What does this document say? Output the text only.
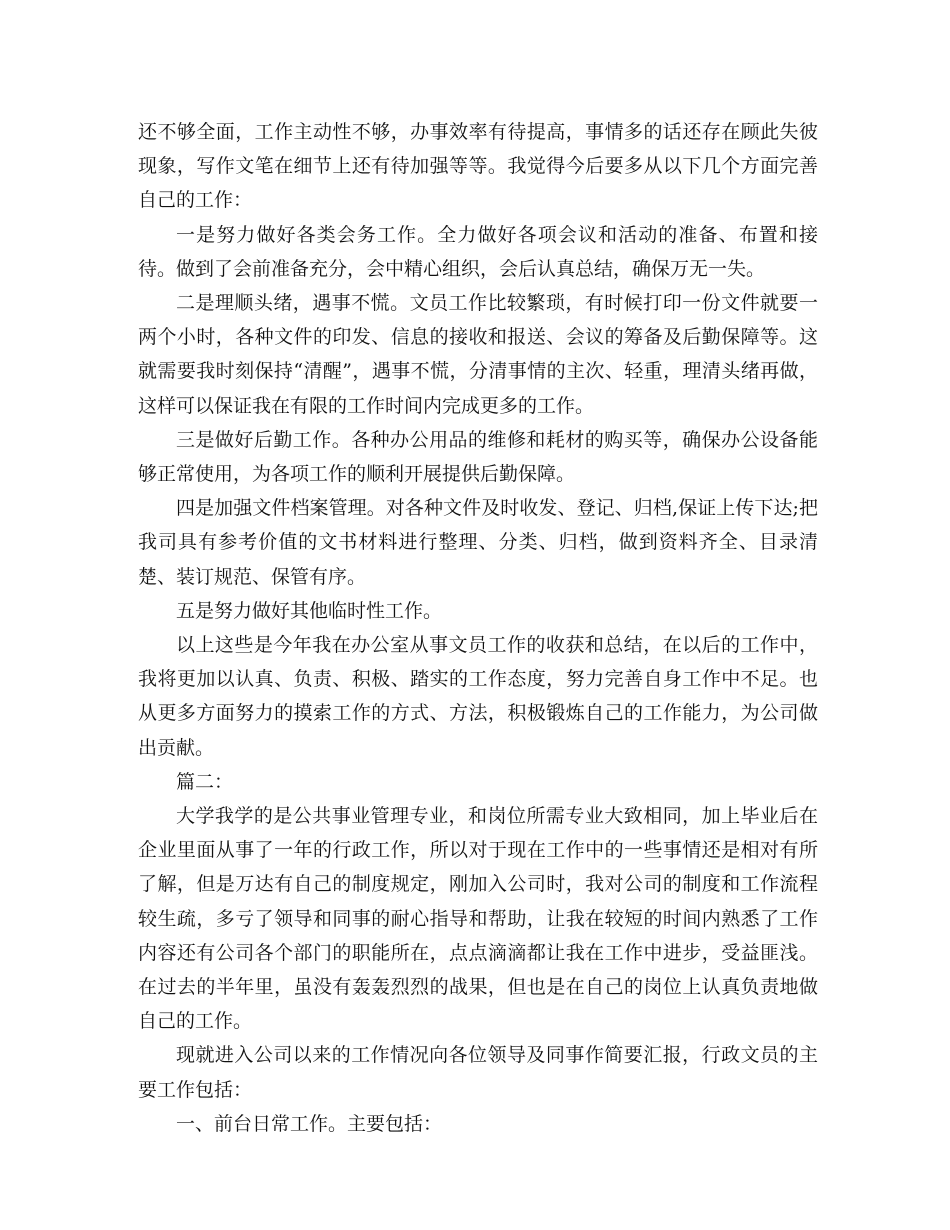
还不够全面，工作主动性不够，办事效率有待提高，事情多的话还存在顾此失彼现象，写作文笔在细节上还有待加强等等。我觉得今后要多从以下几个方面完善自己的工作：

一是努力做好各类会务工作。全力做好各项会议和活动的准备、布置和接待。做到了会前准备充分，会中精心组织，会后认真总结，确保万无一失。

二是理顺头绪，遇事不慌。文员工作比较繁琐，有时候打印一份文件就要一两个小时，各种文件的印发、信息的接收和报送、会议的筹备及后勤保障等。这就需要我时刻保持“清醒”，遇事不慌，分清事情的主次、轻重，理清头绪再做，这样可以保证我在有限的工作时间内完成更多的工作。

三是做好后勤工作。各种办公用品的维修和耗材的购买等，确保办公设备能够正常使用，为各项工作的顺利开展提供后勤保障。

四是加强文件档案管理。对各种文件及时收发、登记、归档,保证上传下达;把我司具有参考价值的文书材料进行整理、分类、归档，做到资料齐全、目录清楚、装订规范、保管有序。

五是努力做好其他临时性工作。

以上这些是今年我在办公室从事文员工作的收获和总结，在以后的工作中，我将更加以认真、负责、积极、踏实的工作态度，努力完善自身工作中不足。也从更多方面努力的摸索工作的方式、方法，积极锻炼自己的工作能力，为公司做出贡献。

篇二：

大学我学的是公共事业管理专业，和岗位所需专业大致相同，加上毕业后在企业里面从事了一年的行政工作，所以对于现在工作中的一些事情还是相对有所了解，但是万达有自己的制度规定，刚加入公司时，我对公司的制度和工作流程较生疏，多亏了领导和同事的耐心指导和帮助，让我在较短的时间内熟悉了工作内容还有公司各个部门的职能所在，点点滴滴都让我在工作中进步，受益匪浅。在过去的半年里，虽没有轰轰烈烈的战果，但也是在自己的岗位上认真负责地做自己的工作。

现就进入公司以来的工作情况向各位领导及同事作简要汇报，行政文员的主要工作包括：

一、前台日常工作。主要包括：
